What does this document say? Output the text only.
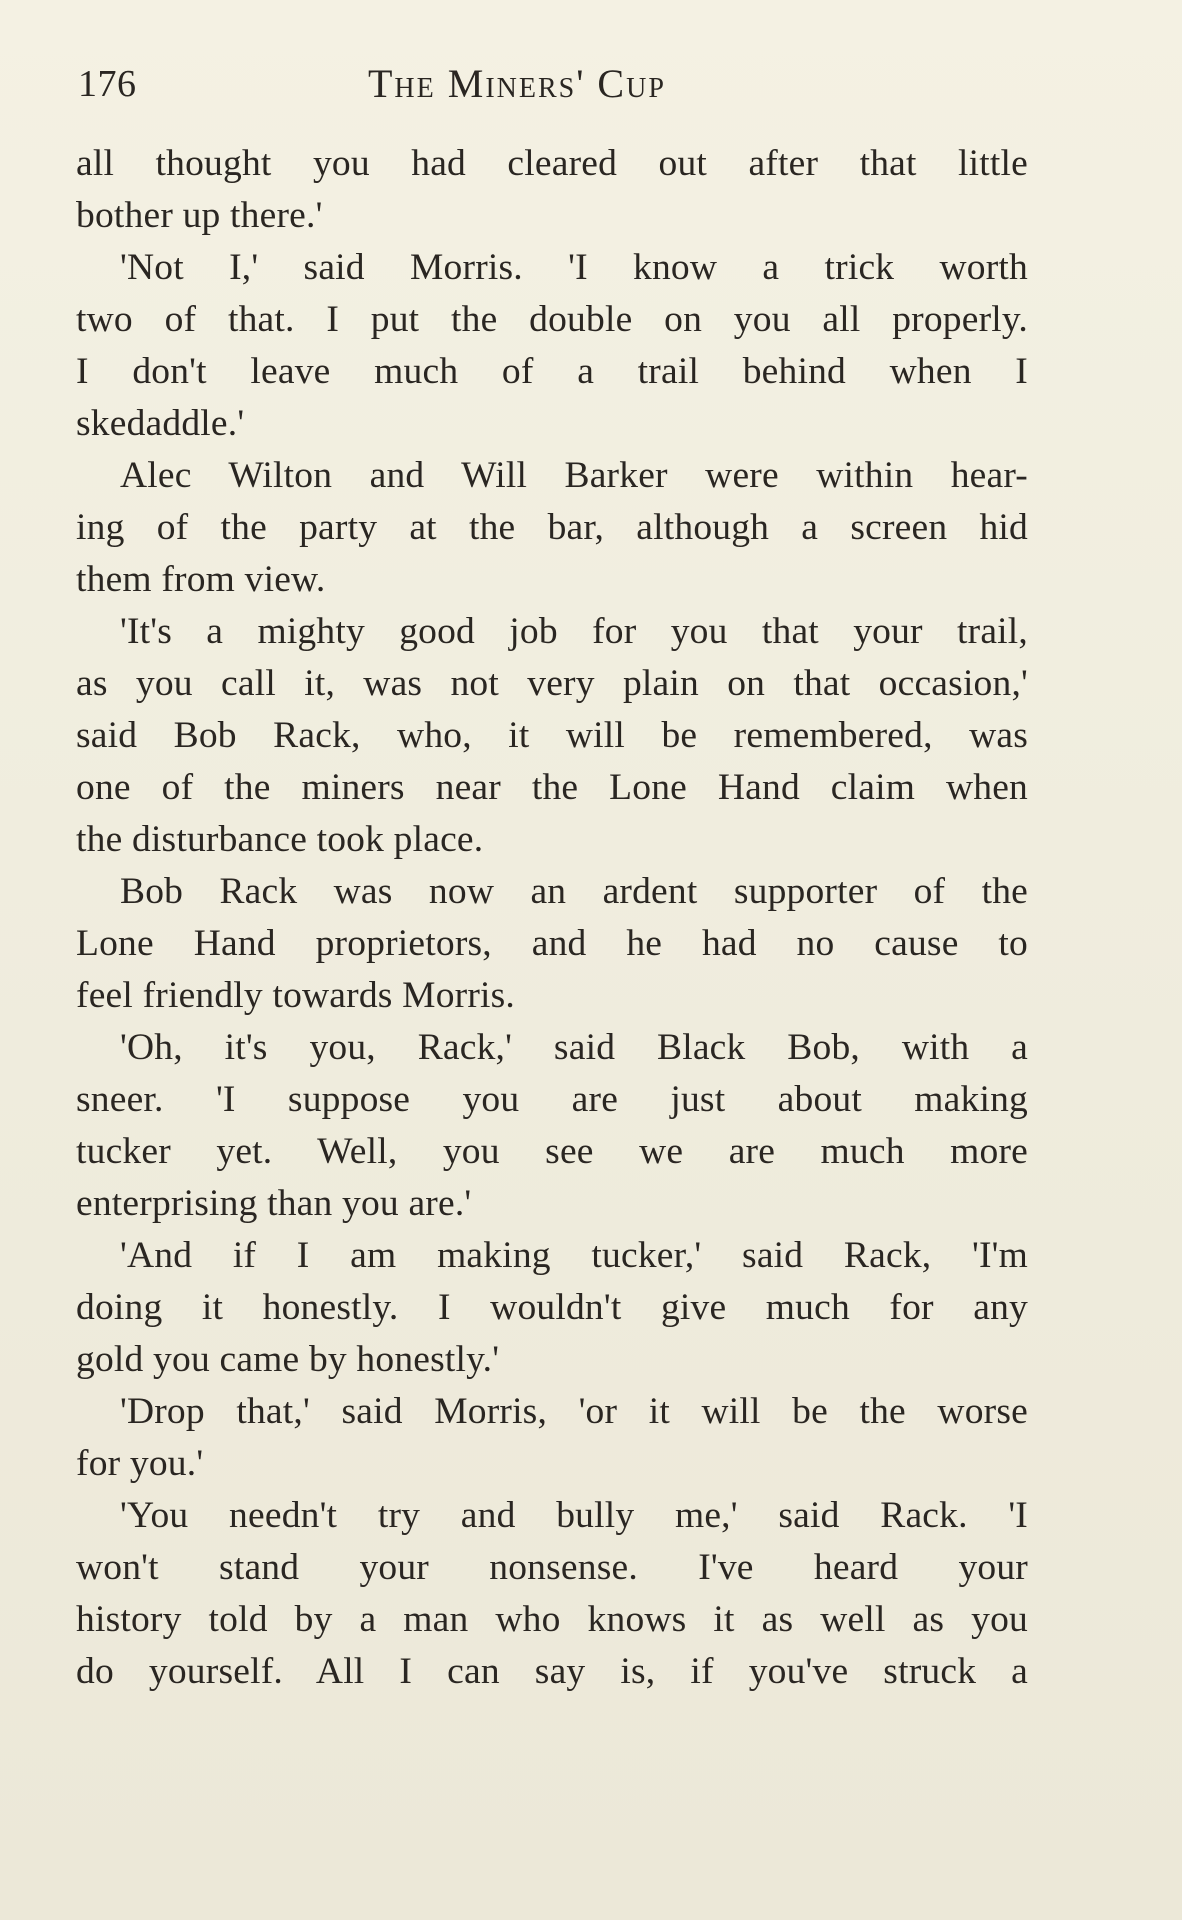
176	The Miners' Cup
all thought you had cleared out after that little
bother up there.'
'Not I,' said Morris. 'I know a trick worth
two of that. I put the double on you all properly.
I don't leave much of a trail behind when I
skedaddle.'
Alec Wilton and Will Barker were within hear-
ing of the party at the bar, although a screen hid
them from view.
'It's a mighty good job for you that your trail,
as you call it, was not very plain on that occasion,'
said Bob Rack, who, it will be remembered, was
one of the miners near the Lone Hand claim when
the disturbance took place.
Bob Rack was now an ardent supporter of the
Lone Hand proprietors, and he had no cause to
feel friendly towards Morris.
'Oh, it's you, Rack,' said Black Bob, with a
sneer. 'I suppose you are just about making
tucker yet. Well, you see we are much more
enterprising than you are.'
'And if I am making tucker,' said Rack, 'I'm
doing it honestly. I wouldn't give much for any
gold you came by honestly.'
'Drop that,' said Morris, 'or it will be the worse
for you.'
'You needn't try and bully me,' said Rack. 'I
won't stand your nonsense. I've heard your
history told by a man who knows it as well as you
do yourself. All I can say is, if you've struck a
